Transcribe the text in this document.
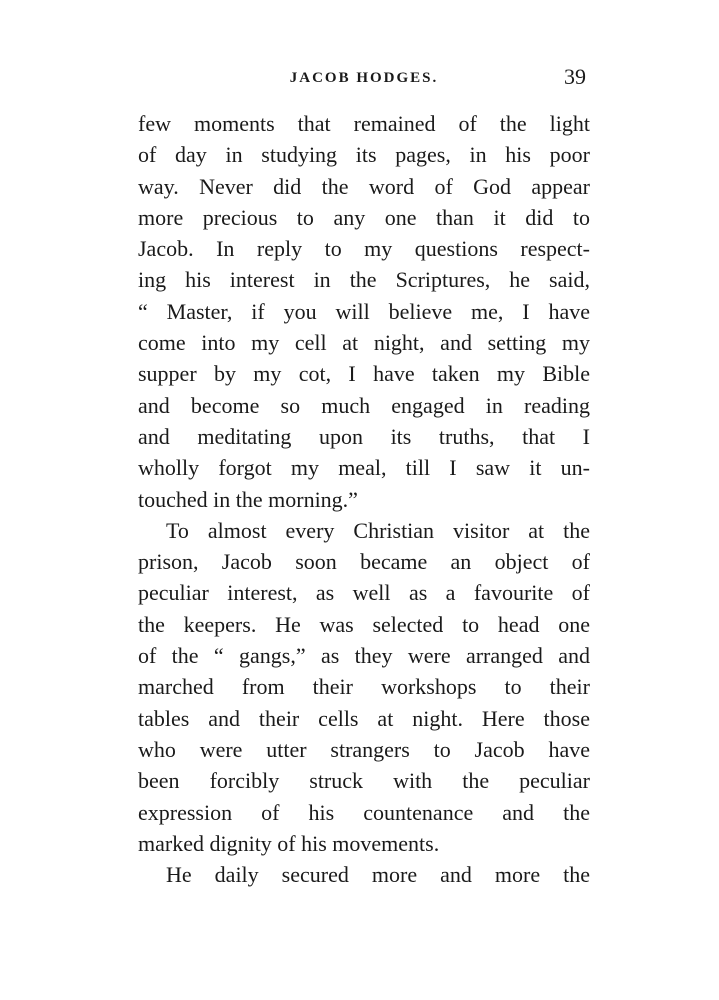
JACOB HODGES.	39
few moments that remained of the light
of day in studying its pages, in his poor
way. Never did the word of God appear
more precious to any one than it did to
Jacob. In reply to my questions respect-
ing his interest in the Scriptures, he said,
“ Master, if you will believe me, I have
come into my cell at night, and setting my
supper by my cot, I have taken my Bible
and become so much engaged in reading
and meditating upon its truths, that I
wholly forgot my meal, till I saw it un-
touched in the morning.”
To almost every Christian visitor at the
prison, Jacob soon became an object of
peculiar interest, as well as a favourite of
the keepers. He was selected to head one
of the “ gangs,” as they were arranged and
marched from their workshops to their
tables and their cells at night. Here those
who were utter strangers to Jacob have
been forcibly struck with the peculiar
expression of his countenance and the
marked dignity of his movements.
He daily secured more and more the
